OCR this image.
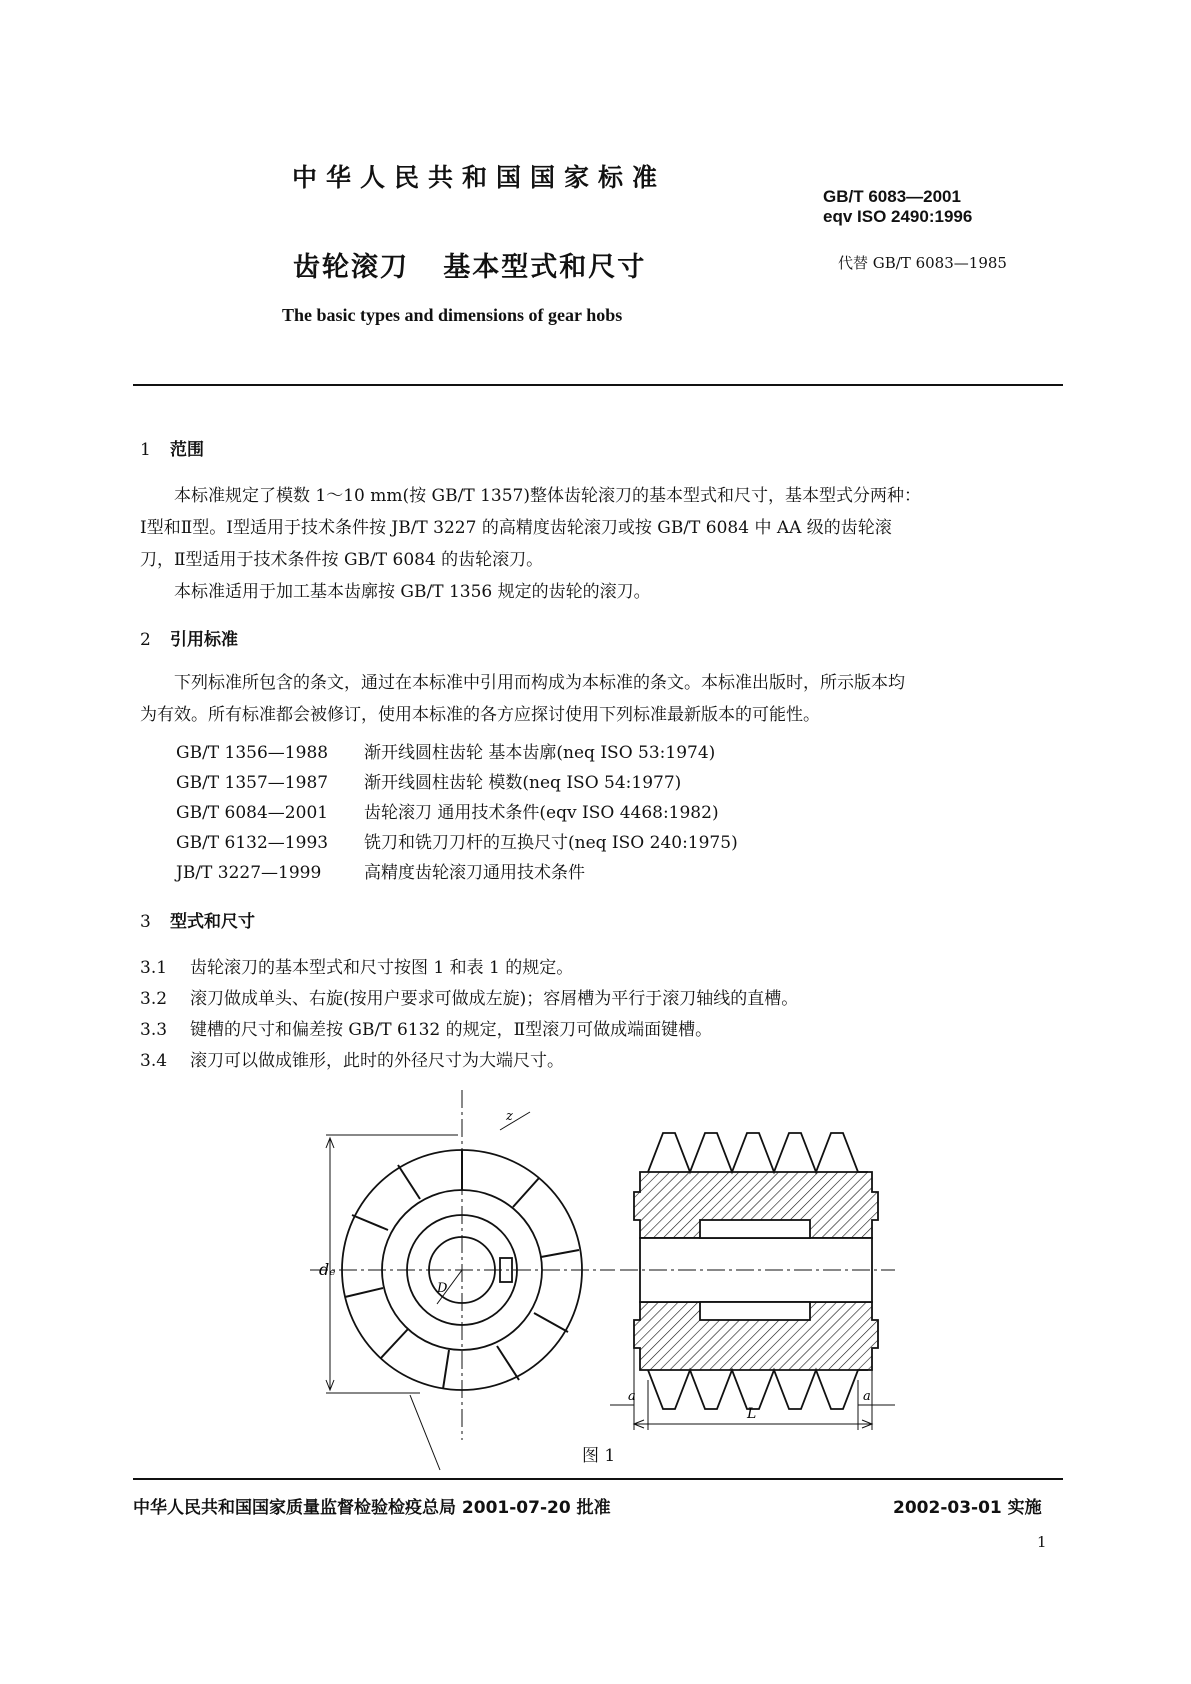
中华人民共和国国家标准
GB/T 6083—2001
eqv ISO 2490:1996
齿轮滚刀   基本型式和尺寸	代替 GB/T 6083—1985
The basic types and dimensions of gear hobs
1 范围
本标准规定了模数 1～10 mm(按 GB/T 1357)整体齿轮滚刀的基本型式和尺寸，基本型式分两种：
Ⅰ型和Ⅱ型。Ⅰ型适用于技术条件按 JB/T 3227 的高精度齿轮滚刀或按 GB/T 6084 中 AA 级的齿轮滚
刀，Ⅱ型适用于技术条件按 GB/T 6084 的齿轮滚刀。
本标准适用于加工基本齿廓按 GB/T 1356 规定的齿轮的滚刀。
2 引用标准
下列标准所包含的条文，通过在本标准中引用而构成为本标准的条文。本标准出版时，所示版本均
为有效。所有标准都会被修订，使用本标准的各方应探讨使用下列标准最新版本的可能性。
GB/T 1356—1988 渐开线圆柱齿轮 基本齿廓(neq ISO 53:1974)
GB/T 1357—1987 渐开线圆柱齿轮 模数(neq ISO 54:1977)
GB/T 6084—2001 齿轮滚刀 通用技术条件(eqv ISO 4468:1982)
GB/T 6132—1993 铣刀和铣刀刀杆的互换尺寸(neq ISO 240:1975)
JB/T 3227—1999	高精度齿轮滚刀通用技术条件
3 型式和尺寸
3.1 齿轮滚刀的基本型式和尺寸按图 1 和表 1 的规定。
3.2 滚刀做成单头、右旋(按用户要求可做成左旋)；容屑槽为平行于滚刀轴线的直槽。
3.3 键槽的尺寸和偏差按 GB/T 6132 的规定，Ⅱ型滚刀可做成端面键槽。
3.4 滚刀可以做成锥形，此时的外径尺寸为大端尺寸。
z
dₑ
D
a	a
L
图 1
中华人民共和国国家质量监督检验检疫总局 2001-07-20 批准	2002-03-01 实施
1
